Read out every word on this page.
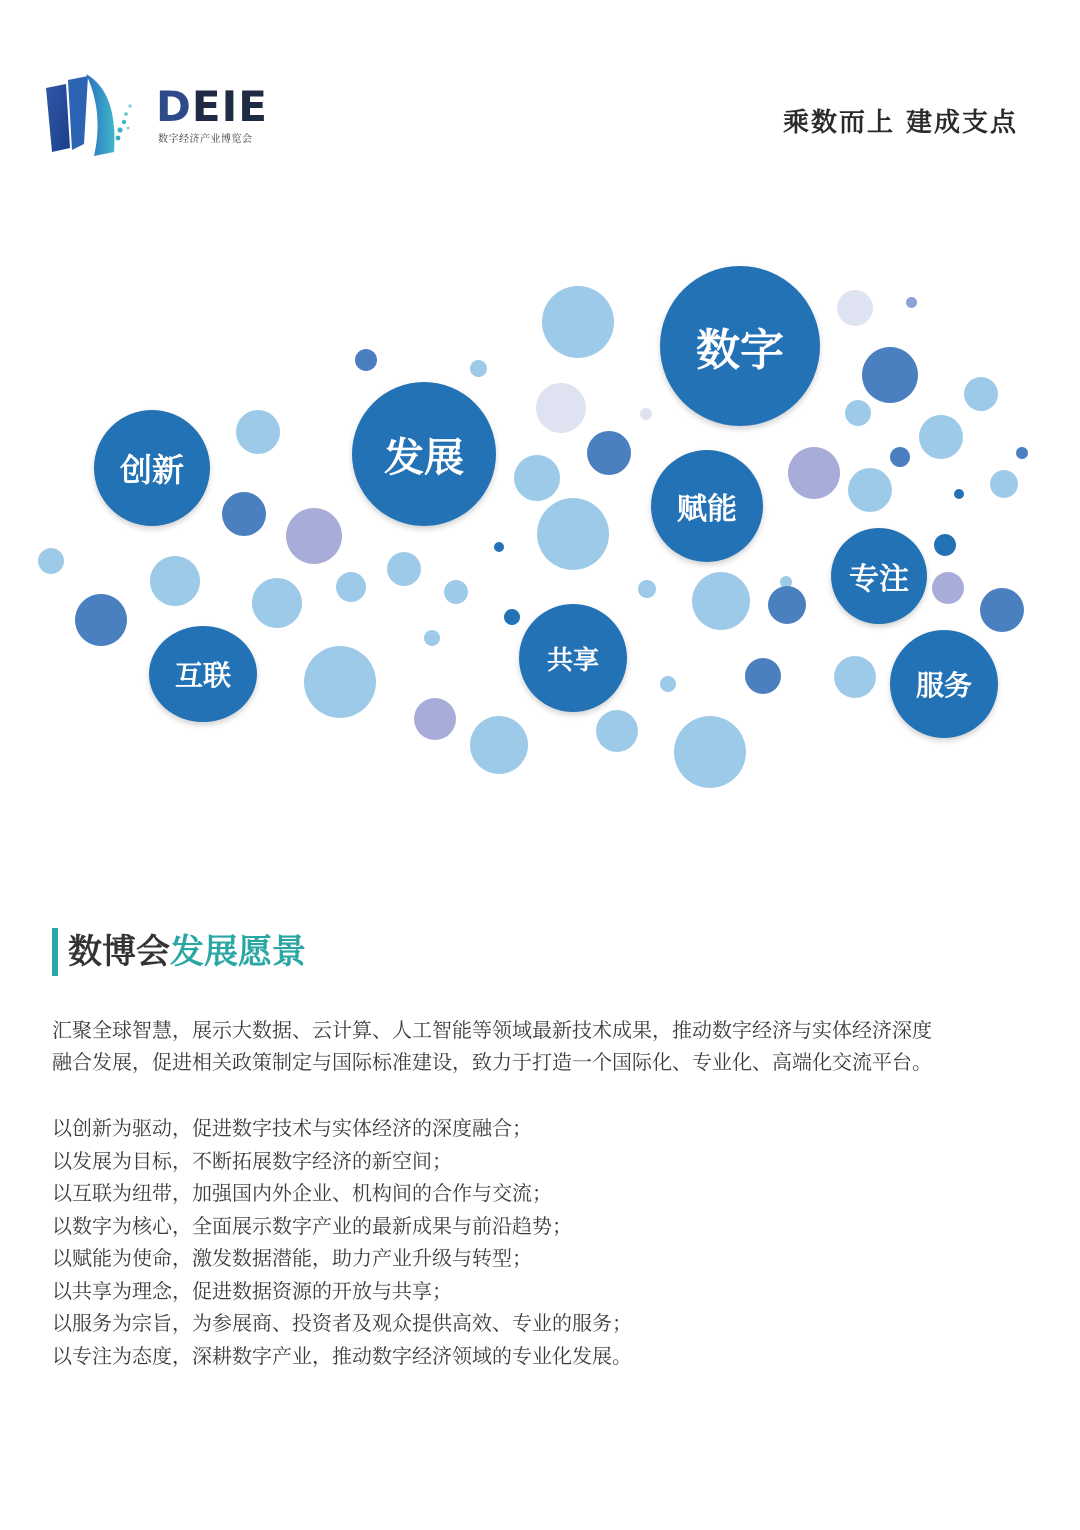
DEIE
数字经济产业博览会
乘数而上 建成支点
数字
发展
创新
赋能
专注
互联	共享
服务
数博会发展愿景

汇聚全球智慧，展示大数据、云计算、人工智能等领域最新技术成果，推动数字经济与实体经济深度

融合发展，促进相关政策制定与国际标准建设，致力于打造一个国际化、专业化、高端化交流平台。

以创新为驱动，促进数字技术与实体经济的深度融合；

以发展为目标，不断拓展数字经济的新空间；

以互联为纽带，加强国内外企业、机构间的合作与交流；

以数字为核心，全面展示数字产业的最新成果与前沿趋势；

以赋能为使命，激发数据潜能，助力产业升级与转型；

以共享为理念，促进数据资源的开放与共享；

以服务为宗旨，为参展商、投资者及观众提供高效、专业的服务；

以专注为态度，深耕数字产业，推动数字经济领域的专业化发展。
